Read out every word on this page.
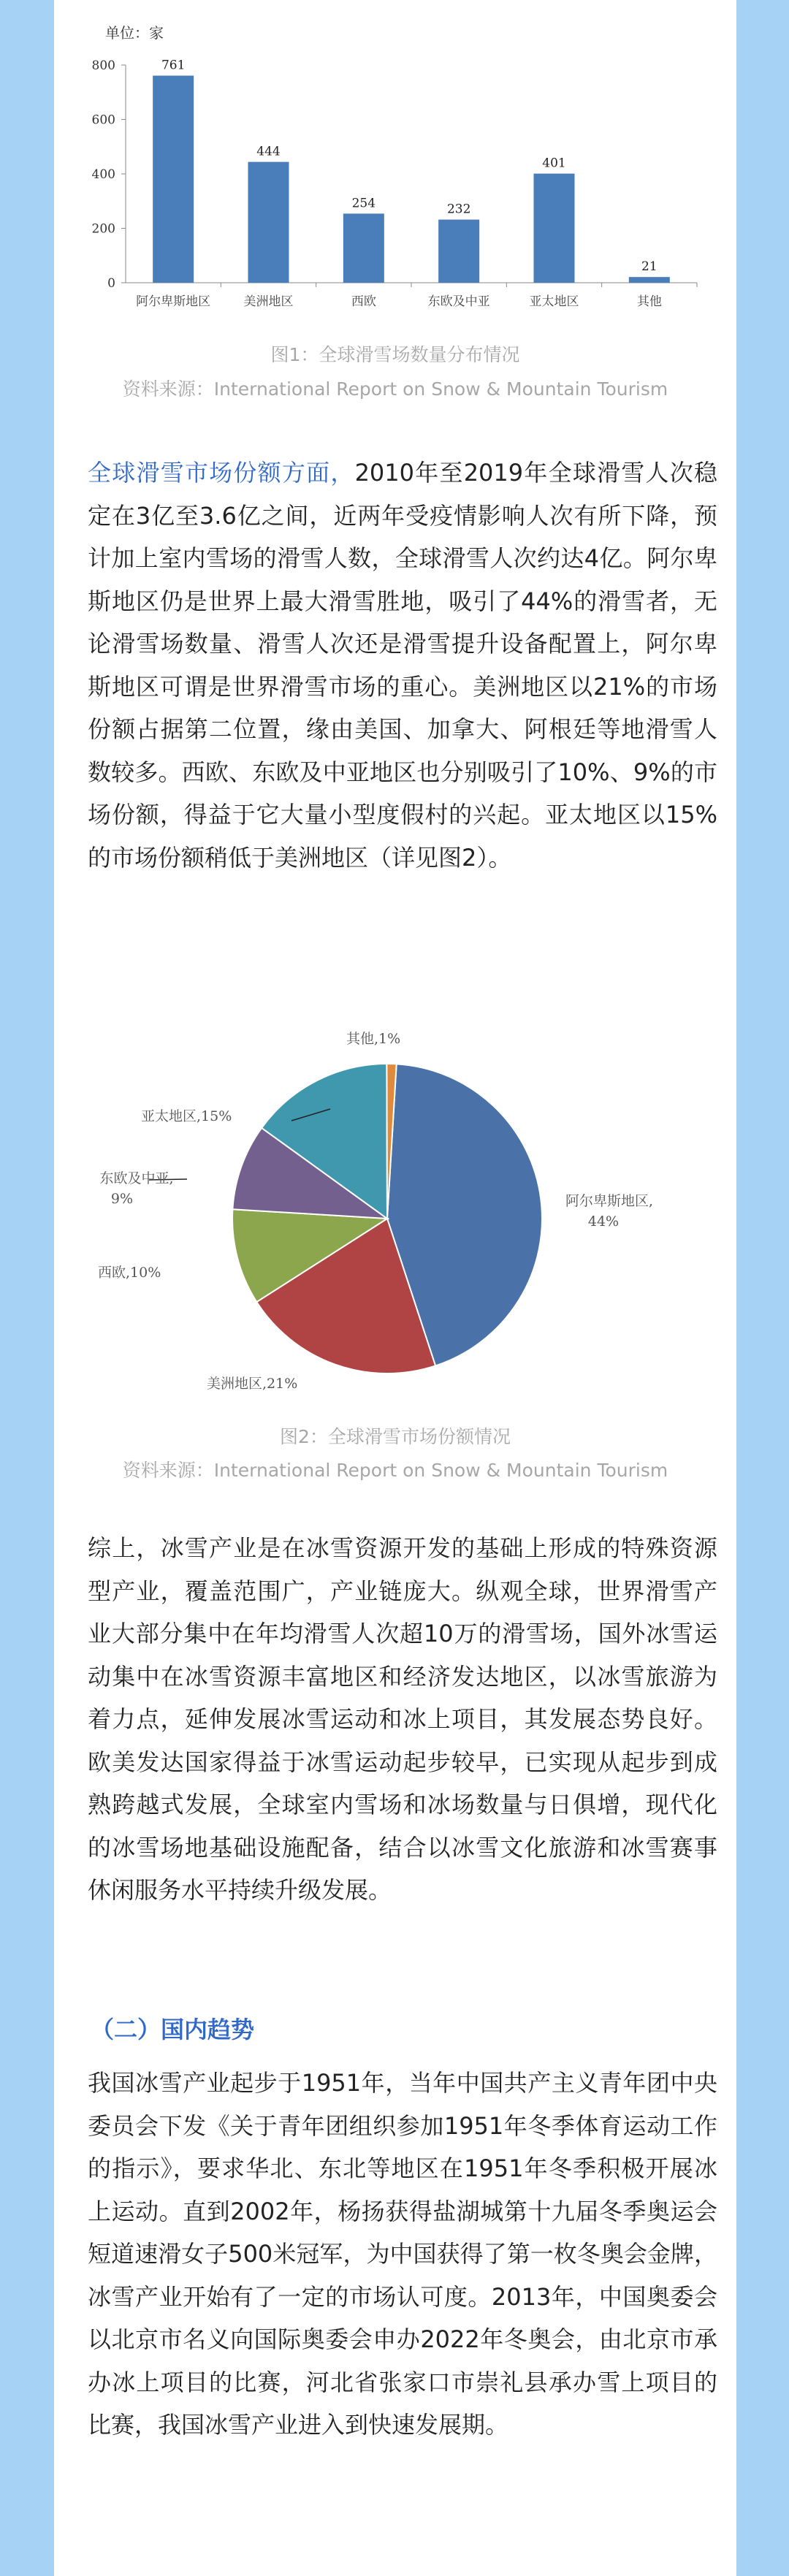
单位：家
0
200
400
600
800	761
444
254	232
401
21
阿尔卑斯地区	美洲地区	西欧	东欧及中亚	亚太地区	其他
图1：全球滑雪场数量分布情况
资料来源：International Report on Snow & Mountain Tourism

全球滑雪市场份额方面，2010年至2019年全球滑雪人次稳定在3亿至3.6亿之间，近两年受疫情影响人次有所下降，预计加上室内雪场的滑雪人数，全球滑雪人次约达4亿。阿尔卑斯地区仍是世界上最大滑雪胜地，吸引了44%的滑雪者，无论滑雪场数量、滑雪人次还是滑雪提升设备配置上，阿尔卑斯地区可谓是世界滑雪市场的重心。美洲地区以21%的市场份额占据第二位置，缘由美国、加拿大、阿根廷等地滑雪人数较多。西欧、东欧及中亚地区也分别吸引了10%、9%的市场份额，得益于它大量小型度假村的兴起。亚太地区以15%的市场份额稍低于美洲地区（详见图2）。

阿尔卑斯地区,
44%
美洲地区,21%
西欧,10%
东欧及中亚,
9%
亚太地区,15%
其他,1%
图2：全球滑雪市场份额情况
资料来源：International Report on Snow & Mountain Tourism

综上，冰雪产业是在冰雪资源开发的基础上形成的特殊资源型产业，覆盖范围广，产业链庞大。纵观全球，世界滑雪产业大部分集中在年均滑雪人次超10万的滑雪场，国外冰雪运动集中在冰雪资源丰富地区和经济发达地区，以冰雪旅游为着力点，延伸发展冰雪运动和冰上项目，其发展态势良好。欧美发达国家得益于冰雪运动起步较早，已实现从起步到成熟跨越式发展，全球室内雪场和冰场数量与日俱增，现代化的冰雪场地基础设施配备，结合以冰雪文化旅游和冰雪赛事休闲服务水平持续升级发展。

（二）国内趋势

我国冰雪产业起步于1951年，当年中国共产主义青年团中央委员会下发《关于青年团组织参加1951年冬季体育运动工作的指示》，要求华北、东北等地区在1951年冬季积极开展冰上运动。直到2002年，杨扬获得盐湖城第十九届冬季奥运会短道速滑女子500米冠军，为中国获得了第一枚冬奥会金牌，冰雪产业开始有了一定的市场认可度。2013年，中国奥委会以北京市名义向国际奥委会申办2022年冬奥会，由北京市承办冰上项目的比赛，河北省张家口市崇礼县承办雪上项目的比赛，我国冰雪产业进入到快速发展期。
